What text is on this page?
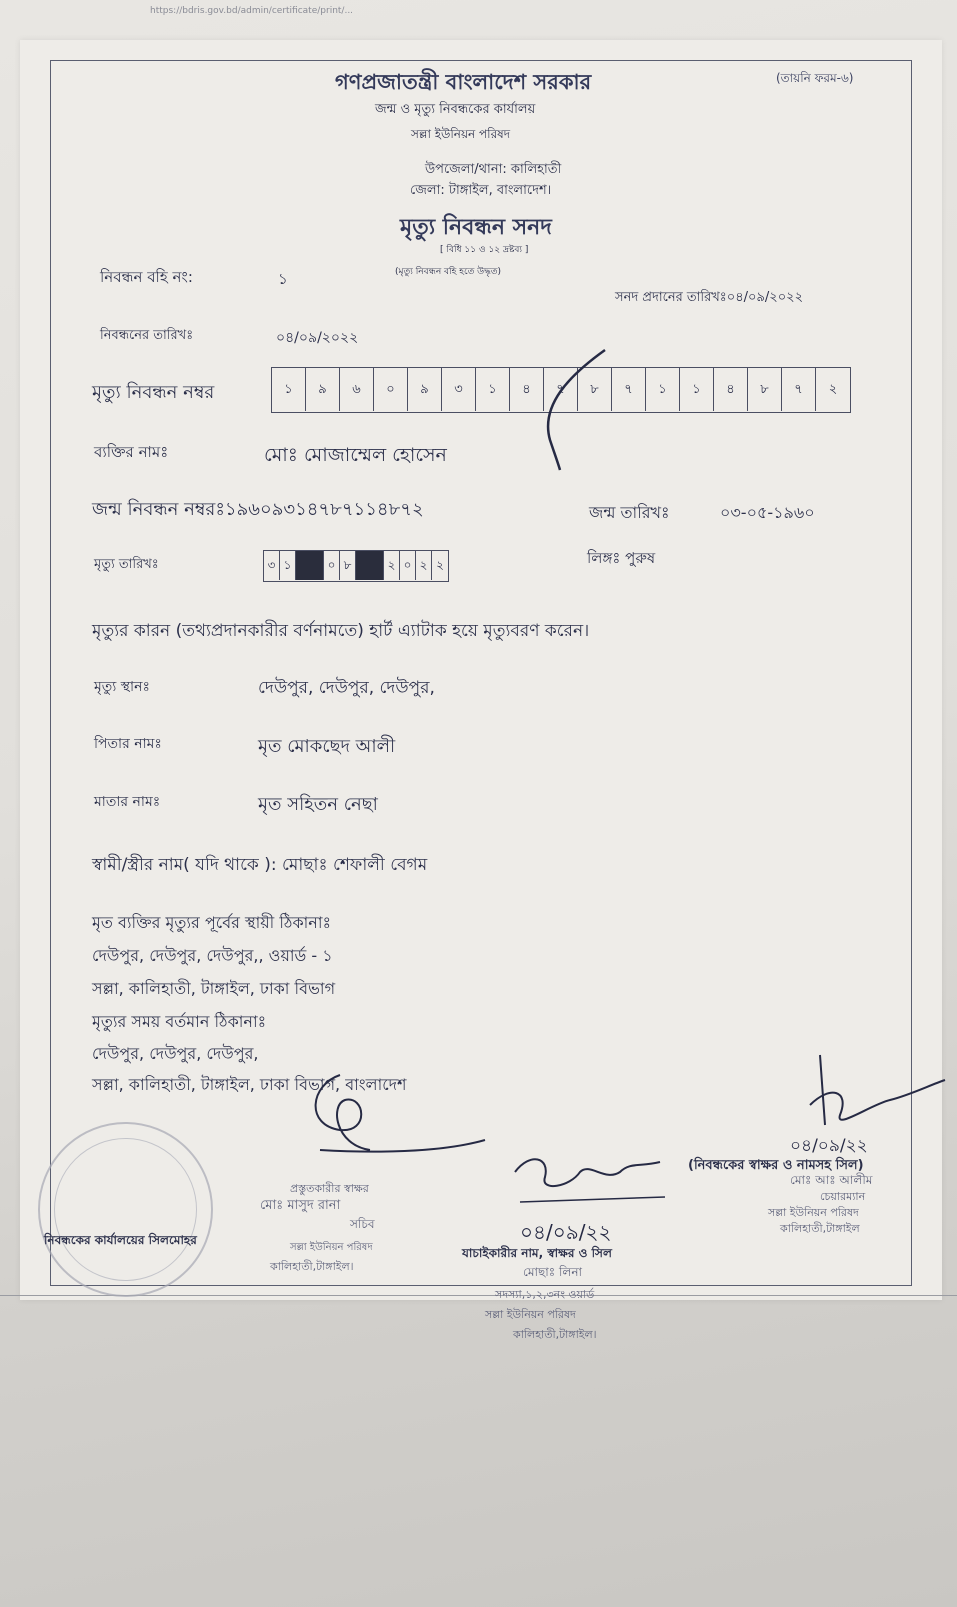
https://bdris.gov.bd/admin/certificate/print/...
গণপ্রজাতন্ত্রী বাংলাদেশ সরকার	(তায়নি ফরম-৬)
জন্ম ও মৃত্যু নিবন্ধকের কার্যালয়
সল্লা ইউনিয়ন পরিষদ
উপজেলা/থানা: কালিহাতী
জেলা: টাঙ্গাইল, বাংলাদেশ।
মৃত্যু নিবন্ধন সনদ
[ বিধি ১১ ও ১২ দ্রষ্টব্য ]
(মৃত্যু নিবন্ধন বহি হতে উদ্ধৃত)
নিবন্ধন বহি নং:	১
সনদ প্রদানের তারিখঃ০৪/০৯/২০২২
নিবন্ধনের তারিখঃ	০৪/০৯/২০২২
মৃত্যু নিবন্ধন নম্বর	১	৯	৬	০	৯	৩	১	৪	৭	৮	৭	১	১	৪	৮	৭	২
ব্যক্তির নামঃ	মোঃ মোজাম্মেল হোসেন
জন্ম নিবন্ধন নম্বরঃ১৯৬০৯৩১৪৭৮৭১১৪৮৭২	জন্ম তারিখঃ	০৩-০৫-১৯৬০
মৃত্যু তারিখঃ	৩ ১	০ ৮	২ ০ ২ ২	লিঙ্গঃ পুরুষ
মৃত্যুর কারন (তথ্যপ্রদানকারীর বর্ণনামতে) হার্ট এ্যাটাক হয়ে মৃত্যুবরণ করেন।
মৃত্যু স্থানঃ	দেউপুর, দেউপুর, দেউপুর,
পিতার নামঃ	মৃত মোকছেদ আলী
মাতার নামঃ	মৃত সহিতন নেছা
স্বামী/স্ত্রীর নাম( যদি থাকে ): মোছাঃ শেফালী বেগম
মৃত ব্যক্তির মৃত্যুর পূর্বের স্থায়ী ঠিকানাঃ
দেউপুর, দেউপুর, দেউপুর,, ওয়ার্ড - ১
সল্লা, কালিহাতী, টাঙ্গাইল, ঢাকা বিভাগ
মৃত্যুর সময় বর্তমান ঠিকানাঃ
দেউপুর, দেউপুর, দেউপুর,
সল্লা, কালিহাতী, টাঙ্গাইল, ঢাকা বিভাগ, বাংলাদেশ
০৪/০৯/২২
(নিবন্ধকের স্বাক্ষর ও নামসহ সিল)
মোঃ আঃ আলীম
চেয়ারম্যান
সল্লা ইউনিয়ন পরিষদ
কালিহাতী,টাঙ্গাইল
প্রস্তুতকারীর স্বাক্ষর
মোঃ মাসুদ রানা
সচিব
সল্লা ইউনিয়ন পরিষদ
কালিহাতী,টাঙ্গাইল।
নিবন্ধকের কার্যালয়ের সিলমোহর	০৪/০৯/২২
যাচাইকারীর নাম, স্বাক্ষর ও সিল
মোছাঃ লিনা
সদস্যা,১,২,৩নং ওয়ার্ড
সল্লা ইউনিয়ন পরিষদ
কালিহাতী,টাঙ্গাইল।
